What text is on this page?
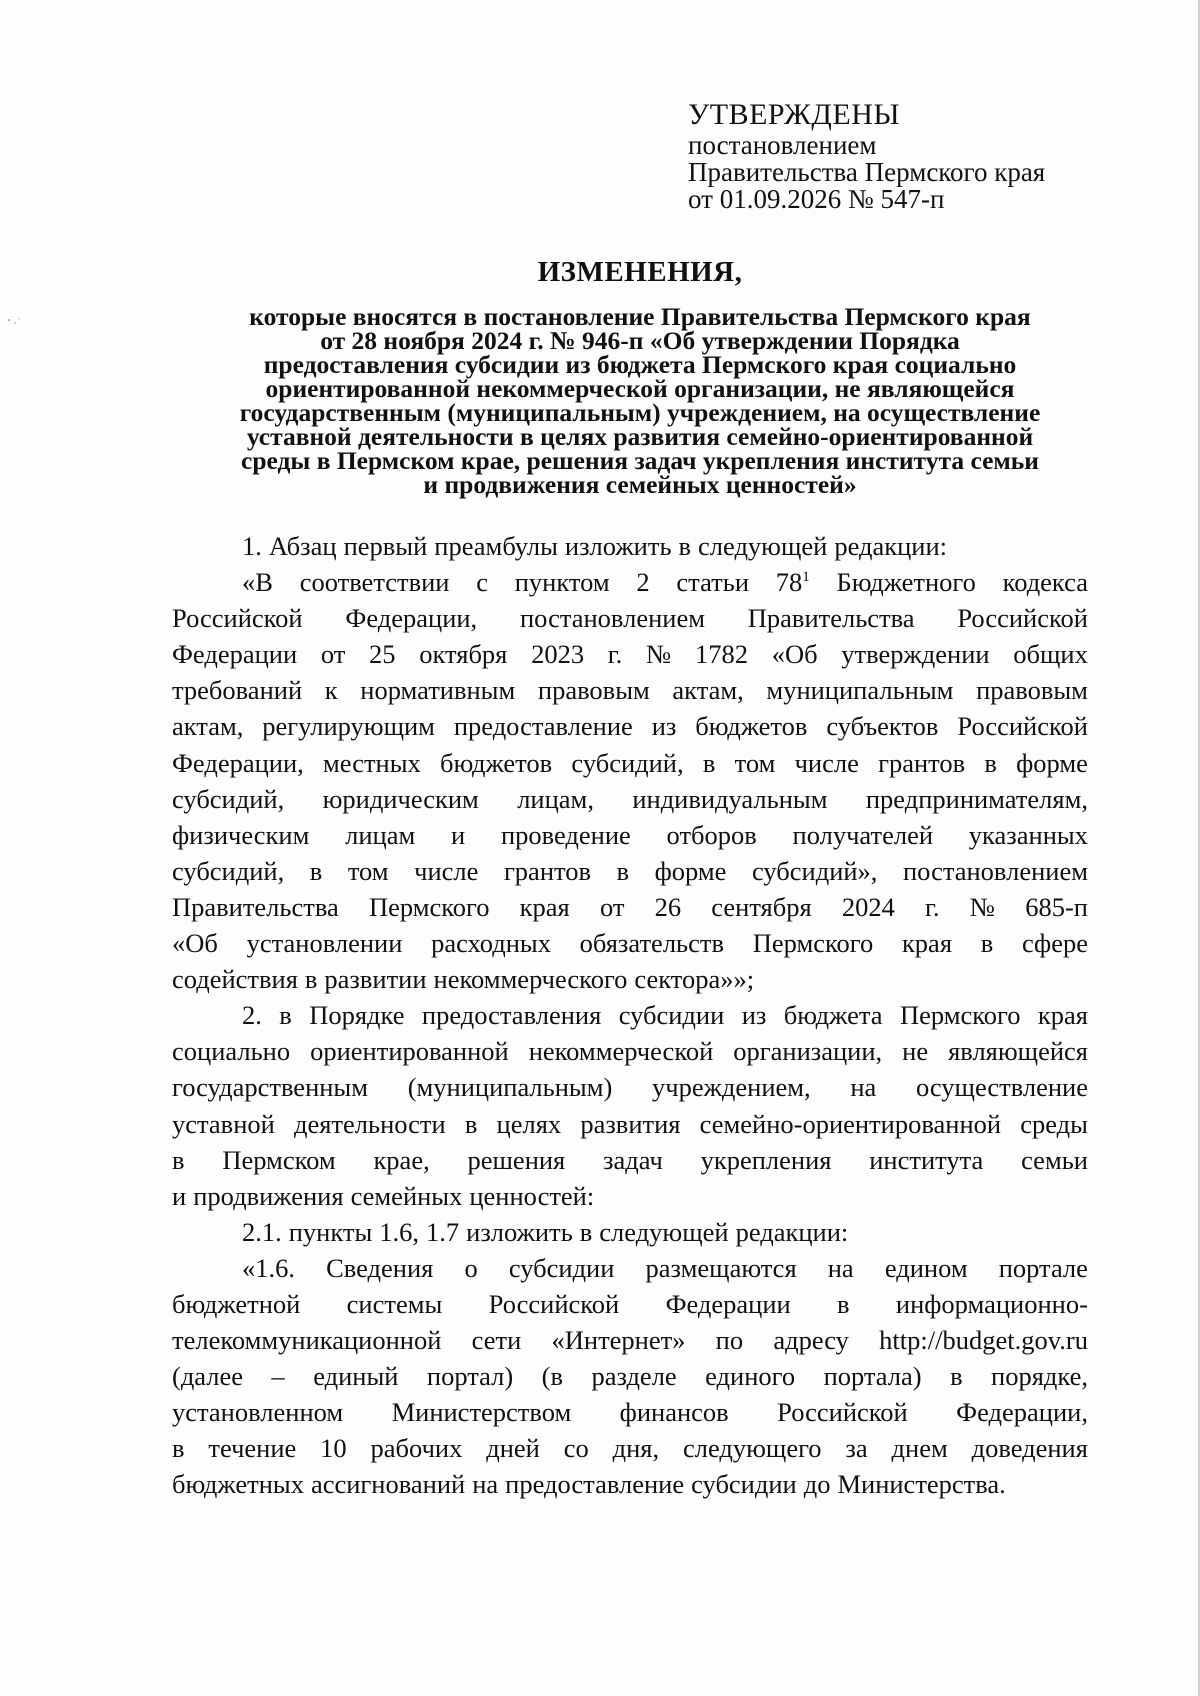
УТВЕРЖДЕНЫ
постановлением
Правительства Пермского края
от 01.09.2026 № 547-п
ИЗМЕНЕНИЯ,
которые вносятся в постановление Правительства Пермского края
от 28 ноября 2024 г. № 946-п «Об утверждении Порядка
предоставления субсидии из бюджета Пермского края социально
ориентированной некоммерческой организации, не являющейся
государственным (муниципальным) учреждением, на осуществление
уставной деятельности в целях развития семейно-ориентированной
среды в Пермском крае, решения задач укрепления института семьи
и продвижения семейных ценностей»
1. Абзац первый преамбулы изложить в следующей редакции:
«В соответствии с пунктом 2 статьи $78^1$ Бюджетного кодекса
Российской Федерации, постановлением Правительства Российской
Федерации от 25 октября 2023 г. № 1782 «Об утверждении общих
требований к нормативным правовым актам, муниципальным правовым
актам, регулирующим предоставление из бюджетов субъектов Российской
Федерации, местных бюджетов субсидий, в том числе грантов в форме
субсидий, юридическим лицам, индивидуальным предпринимателям,
физическим лицам и проведение отборов получателей указанных
субсидий, в том числе грантов в форме субсидий», постановлением
Правительства Пермского края от 26 сентября 2024 г. № 685-п
«Об установлении расходных обязательств Пермского края в сфере
содействия в развитии некоммерческого сектора»»;
2. в Порядке предоставления субсидии из бюджета Пермского края
социально ориентированной некоммерческой организации, не являющейся
государственным (муниципальным) учреждением, на осуществление
уставной деятельности в целях развития семейно-ориентированной среды
в Пермском крае, решения задач укрепления института семьи
и продвижения семейных ценностей:
2.1. пункты 1.6, 1.7 изложить в следующей редакции:
«1.6. Сведения о субсидии размещаются на едином портале
бюджетной системы Российской Федерации в информационно-
телекоммуникационной сети «Интернет» по адресу http://budget.gov.ru
(далее – единый портал) (в разделе единого портала) в порядке,
установленном Министерством финансов Российской Федерации,
в течение 10 рабочих дней со дня, следующего за днем доведения
бюджетных ассигнований на предоставление субсидии до Министерства.
